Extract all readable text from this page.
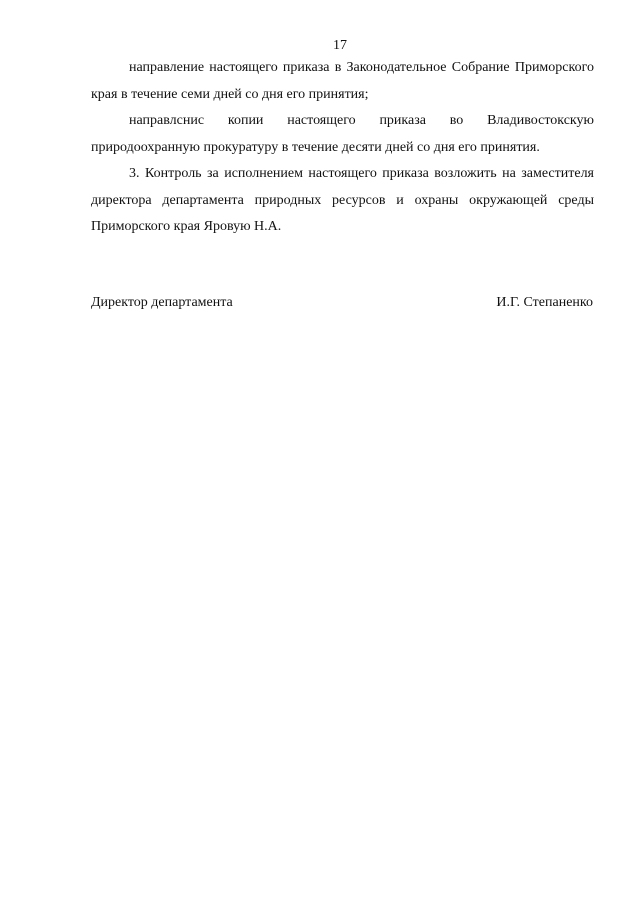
17

направление настоящего приказа в Законодательное Собрание Приморского края в течение семи дней со дня его принятия;

направлснис копии настоящего приказа во Владивостокскую природоохранную прокуратуру в течение десяти дней со дня его принятия.

3. Контроль за исполнением настоящего приказа возложить на заместителя директора департамента природных ресурсов и охраны окружающей среды Приморского края Яровую Н.А.

Директор департамента	И.Г. Степаненко
